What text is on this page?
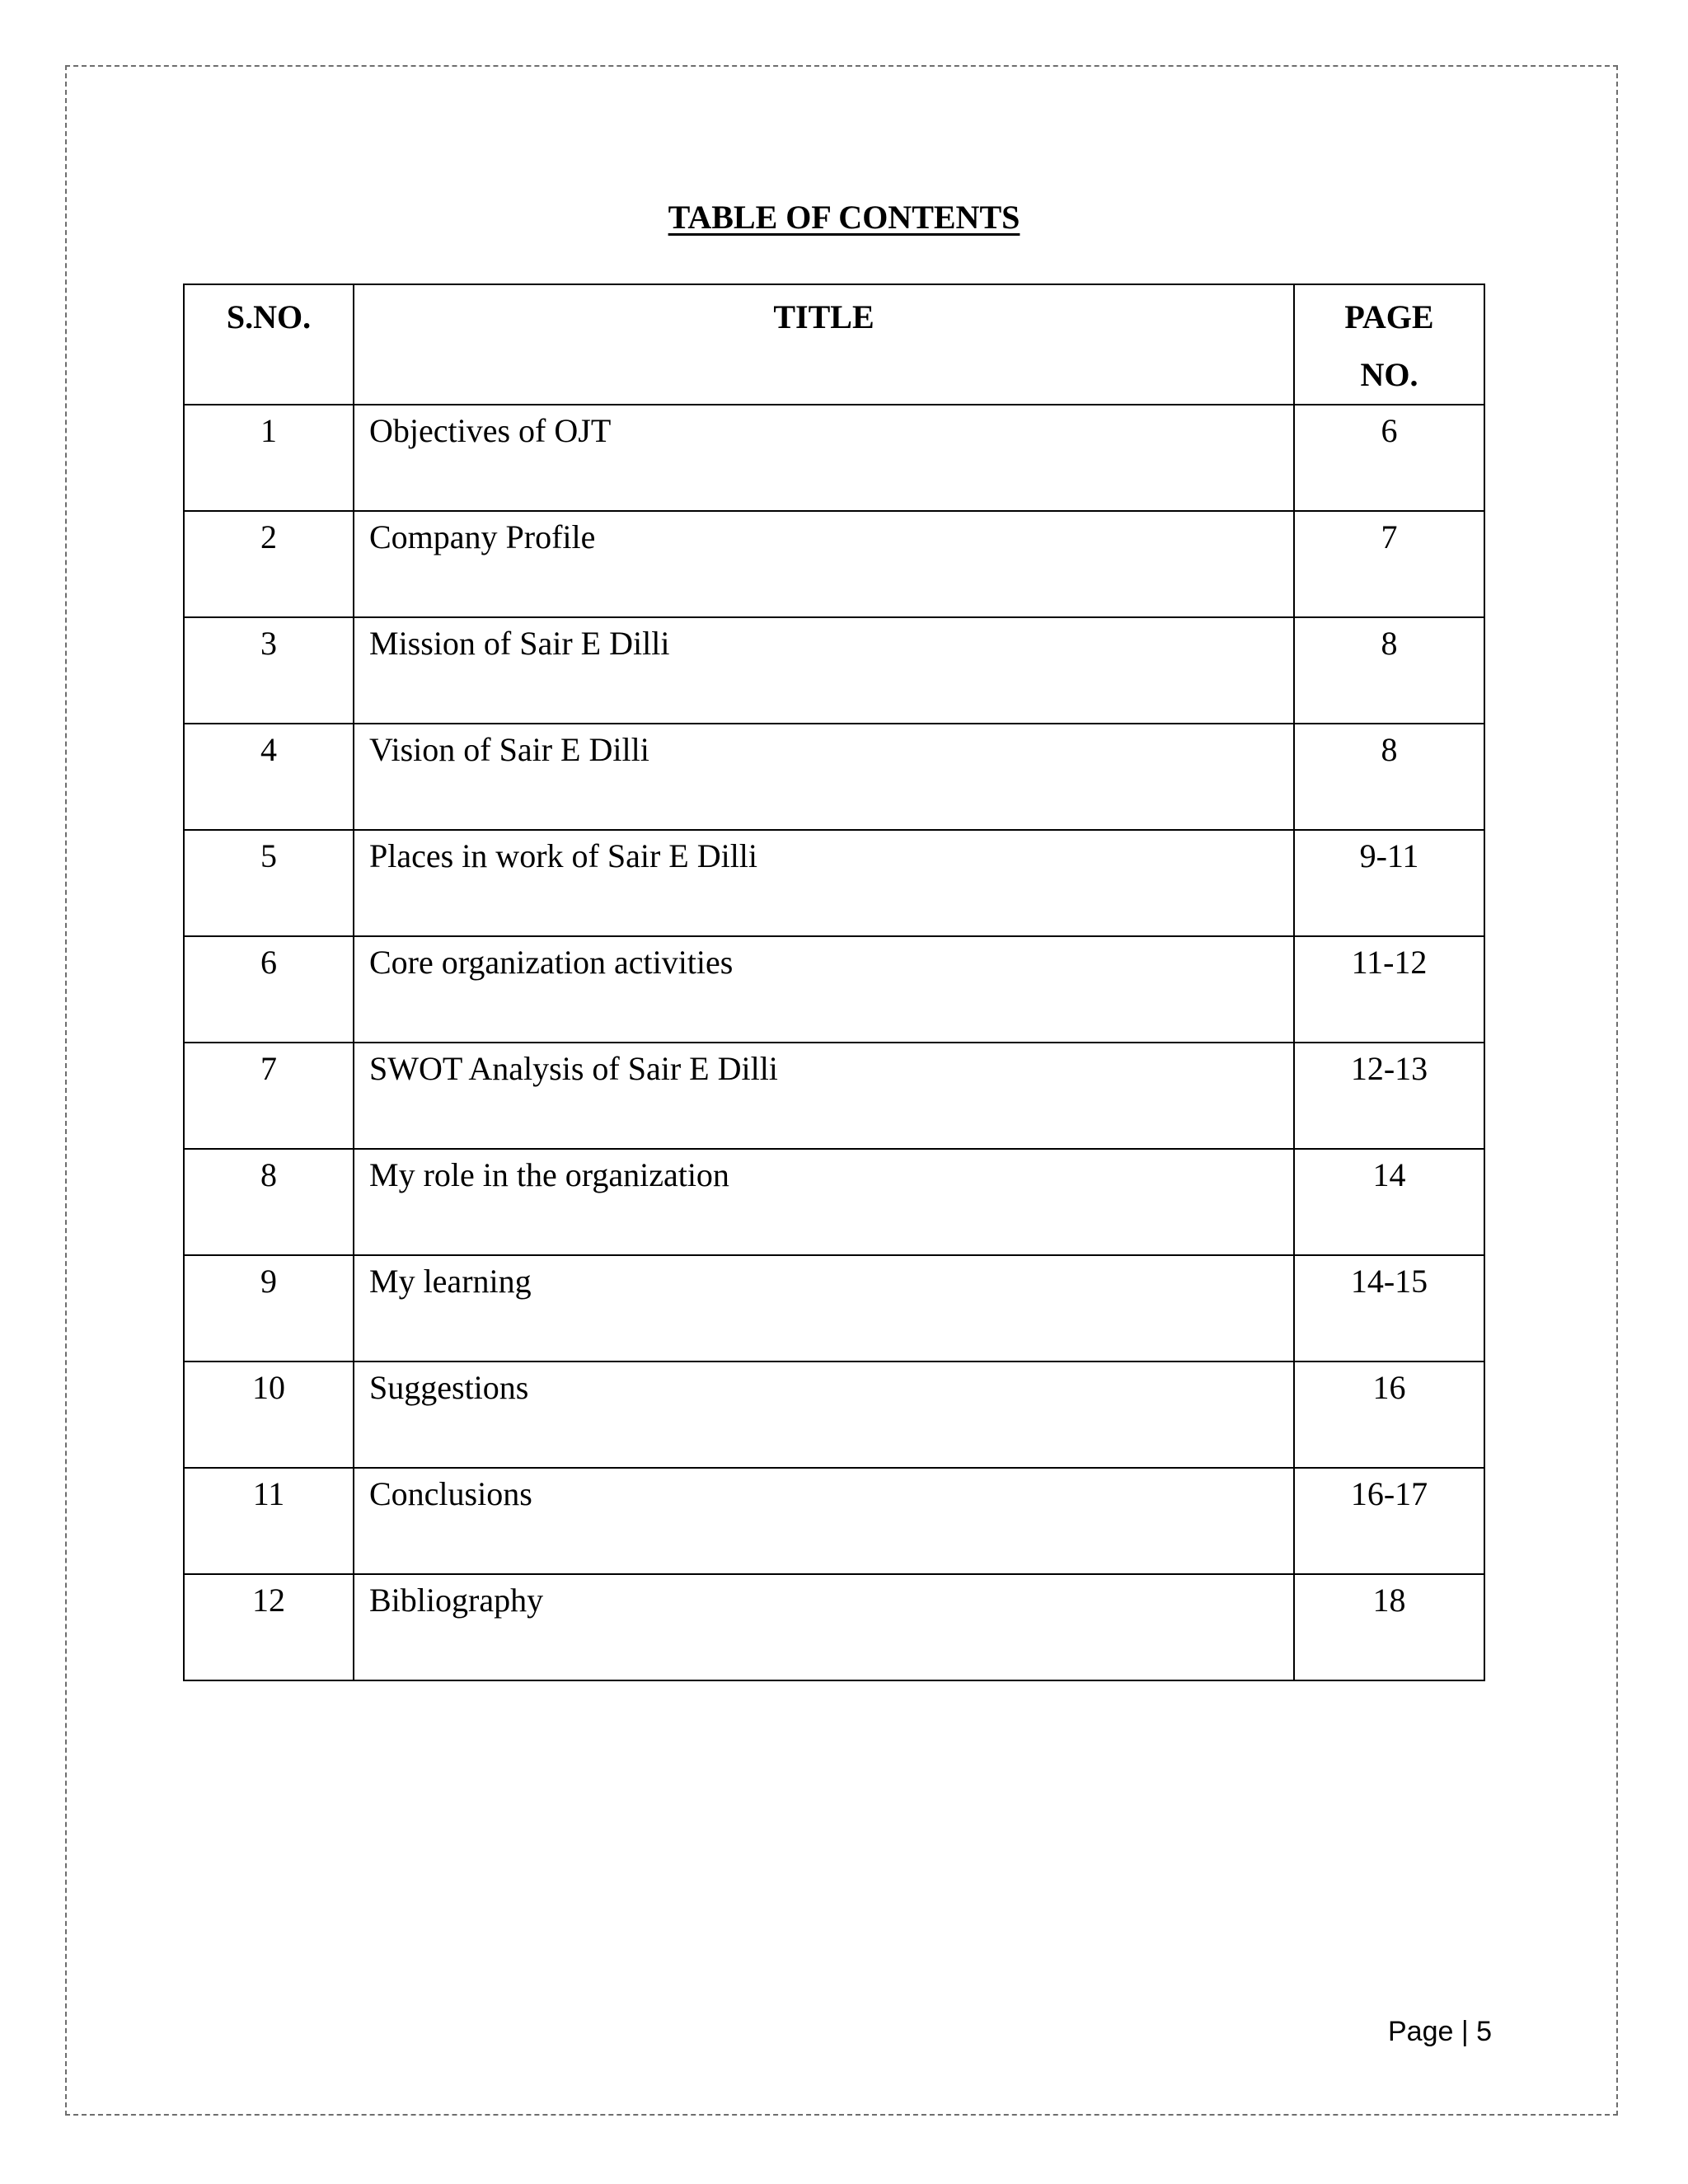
TABLE OF CONTENTS
S.NO.	TITLE	PAGE
NO.
1	Objectives of OJT	6
2	Company Profile	7
3	Mission of Sair E Dilli	8
4	Vision of Sair E Dilli	8
5	Places in work of Sair E Dilli	9-11
6	Core organization activities	11-12
7	SWOT Analysis of Sair E Dilli	12-13
8	My role in the organization	14
9	My learning	14-15
10	Suggestions	16
11	Conclusions	16-17
12	Bibliography	18
Page | 5
